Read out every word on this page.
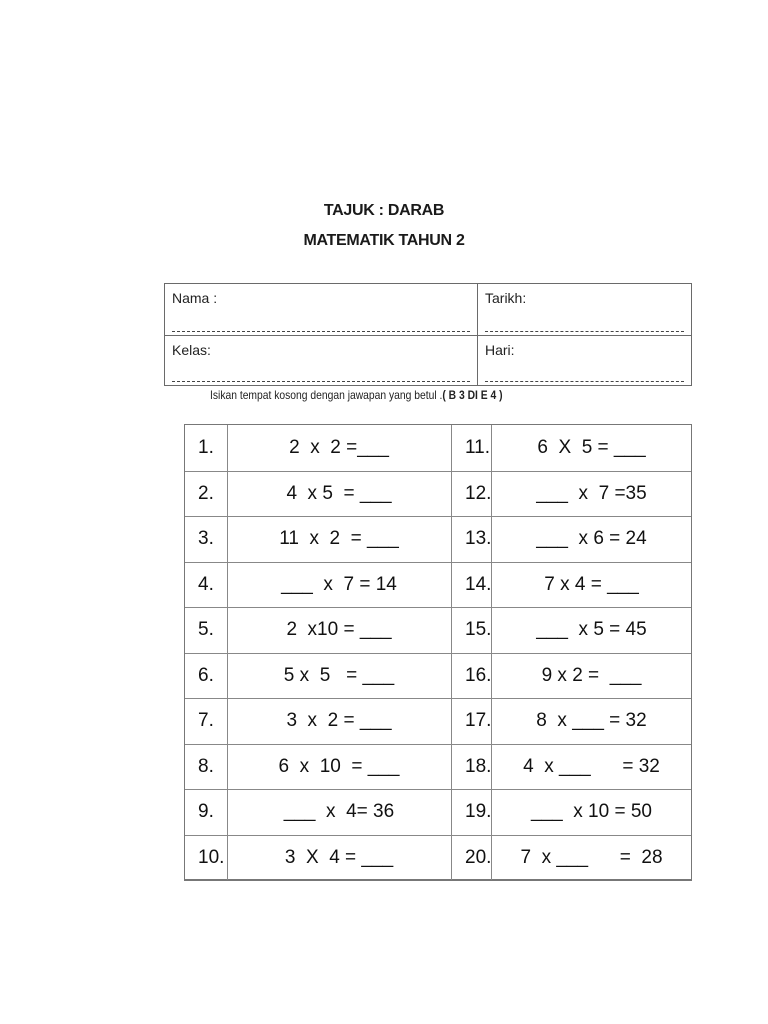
TAJUK : DARAB
MATEMATIK TAHUN 2
Nama :	Tarikh:
Kelas:	Hari:
Isikan tempat kosong dengan jawapan yang betul .( B 3 DI E 4 )
1.	2  x  2 =___	11.	6  X  5 = ___
2.	4  x 5  = ___	12.	___  x  7 =35
3.	11  x  2  = ___	13.	___  x 6 = 24
4.	___  x  7 = 14	14.	7 x 4 = ___
5.	2  x10 = ___	15.	___  x 5 = 45
6.	5 x  5   = ___	16.	9 x 2 =  ___
7.	3  x  2 = ___	17.	8  x ___ = 32
8.	6  x  10  = ___	18.	4  x ___      = 32
9.	___  x  4= 36	19.	___  x 10 = 50
10.	3  X  4 = ___	20.	7  x ___      =  28
